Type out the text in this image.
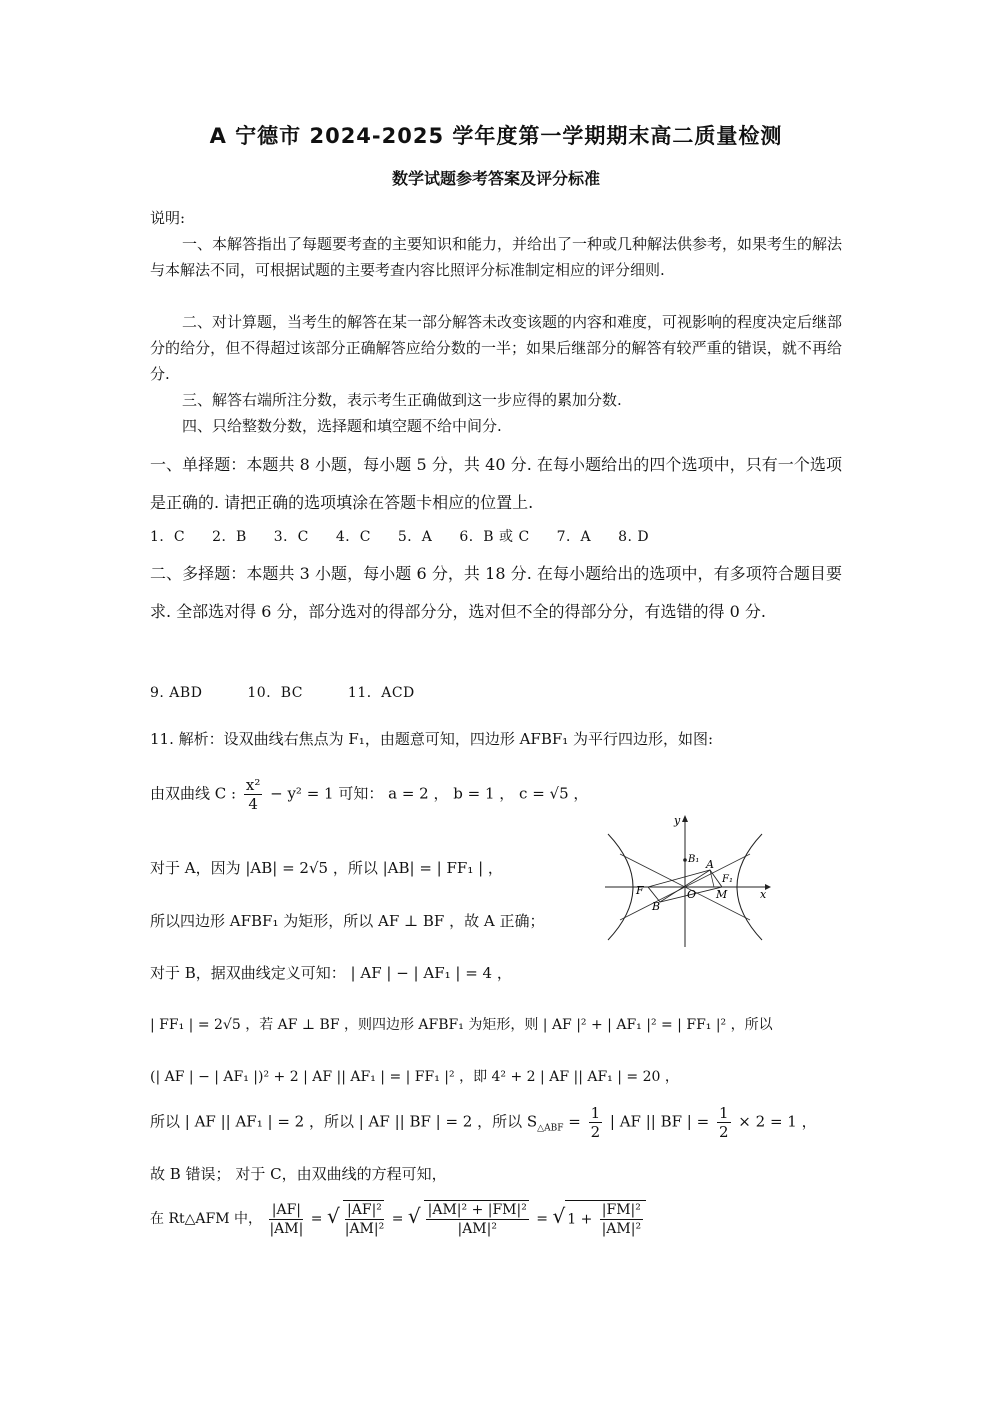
A 宁德市 2024-2025 学年度第一学期期末高二质量检测
数学试题参考答案及评分标准
说明:
一、本解答指出了每题要考查的主要知识和能力，并给出了一种或几种解法供参考，如果考生的解法与本解法不同，可根据试题的主要考查内容比照评分标准制定相应的评分细则.
二、对计算题，当考生的解答在某一部分解答未改变该题的内容和难度，可视影响的程度决定后继部分的给分，但不得超过该部分正确解答应给分数的一半；如果后继部分的解答有较严重的错误，就不再给分.
三、解答右端所注分数，表示考生正确做到这一步应得的累加分数.
四、只给整数分数，选择题和填空题不给中间分.
一、单择题：本题共 8 小题，每小题 5 分，共 40 分. 在每小题给出的四个选项中，只有一个选项是正确的. 请把正确的选项填涂在答题卡相应的位置上.
1．C 2．B 3．C 4．C 5．A 6．B 或 C 7．A 8. D
二、多择题：本题共 3 小题，每小题 6 分，共 18 分. 在每小题给出的选项中，有多项符合题目要求. 全部选对得 6 分，部分选对的得部分分，选对但不全的得部分分，有选错的得 0 分.
9. ABD	10．BC	11．ACD
11. 解析：设双曲线右焦点为 F₁，由题意可知，四边形 AFBF₁ 为平行四边形，如图:
由双曲线 C : $\frac{\text{x²}}{4} - y^2 = 1$ 可知： a = 2 ， b = 1 ， c = √5 ，
对于 A，因为 |AB| = 2√5 ，所以 |AB| = | FF₁ | ，
所以四边形 AFBF₁ 为矩形，所以 AF ⊥ BF ，故 A 正确；
对于 B，据双曲线定义可知： | AF | − | AF₁ | = 4 ，
| FF₁ | = 2√5 ，若 AF ⊥ BF ，则四边形 AFBF₁ 为矩形，则 | AF |² + | AF₁ |² = | FF₁ |² ，所以
(| AF | − | AF₁ |)² + 2 | AF || AF₁ | = | FF₁ |² ，即 4² + 2 | AF || AF₁ | = 20 ，
所以 | AF || AF₁ | = 2 ，所以 | AF || BF | = 2 ，所以 $S_{\triangle ABF} = \frac{1}{2}$ | AF || BF | = $\frac{1}{2} \times 2 = 1$ ，
故 B 错误； 对于 C，由双曲线的方程可知，
在 Rt△AFM 中， $\frac{|AF|}{|AM|}$ = √ $\frac{\text{|AF|²}}{\text{|AM|²}}$ = √ $\frac{\text{|AM|² + |FM|²}}{\text{|AM|²}}$ = √ $1 + \frac{\text{|FM|²}}{\text{|AM|²}}$
y
x
O
A
B
F
F₁
B₁
M
